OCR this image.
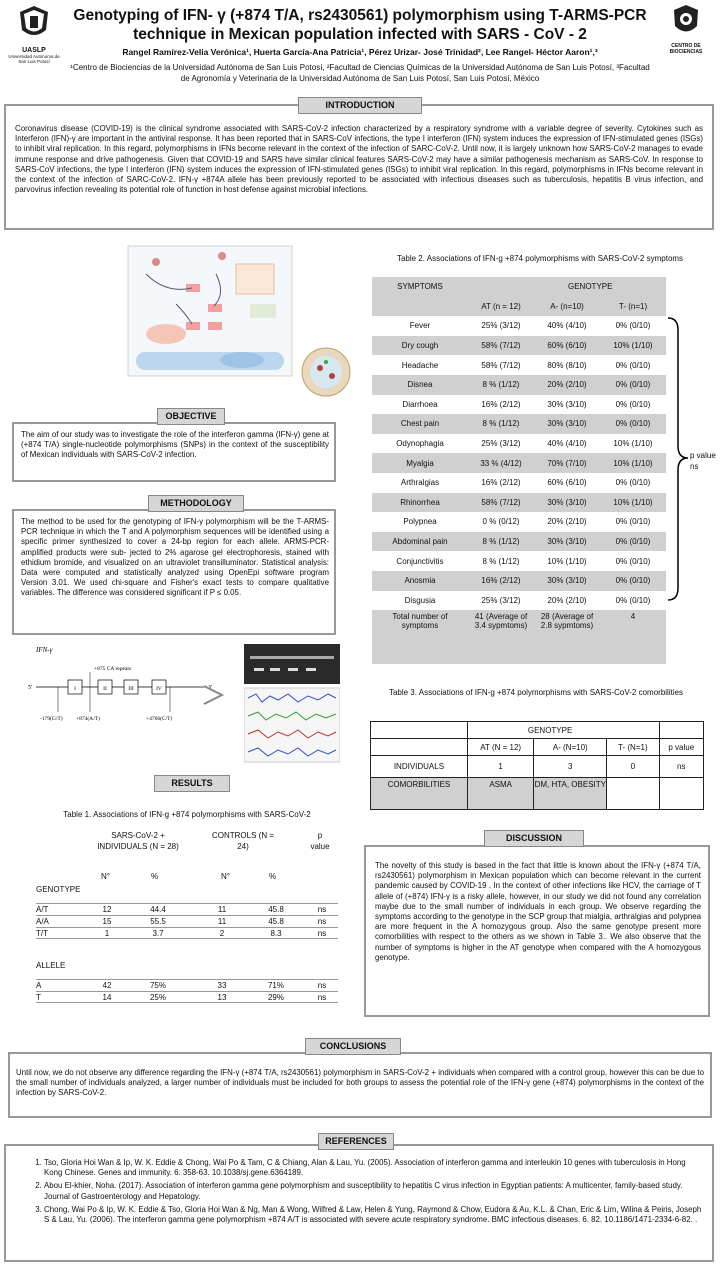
UASLP
Universidad Autónoma de San Luis Potosí
Genotyping of IFN- γ (+874 T/A, rs2430561) polymorphism using T-ARMS-PCR
technique in Mexican population infected with SARS - CoV - 2
Rangel Ramírez-Velia Verónica¹, Huerta García-Ana Patricia¹, Pérez Urizar- José Trinidad², Lee Rangel- Héctor Aaron¹,³
¹Centro de Biociencias de la Universidad Autónoma de San Luis Potosí, ²Facultad de Ciencias Químicas de la Universidad Autónoma de San Luis Potosí, ³Facultad de Agronomía y Veterinaria de la Universidad Autónoma de San Luis Potosí, San Luis Potosí, México
CENTRO DE BIOCIENCIAS
Coronavirus disease (COVID-19) is the clinical syndrome associated with SARS-CoV-2 infection characterized by a respiratory syndrome with a variable degree of severity. Cytokines such as Interferon (IFN)-γ are important in the antiviral response. It has been reported that in SARS-CoV infections, the type I interferon (IFN) system induces the expression of IFN-stimulated genes (ISGs) to inhibit viral replication. In this regard, polymorphisms in IFNs become relevant in the context of the infection of SARC-CoV-2. Until now, it is largely unknown how SARS-CoV-2 manages to evade immune response and drive pathogenesis. Given that COVID-19 and SARS have similar clinical features SARS-CoV-2 may have a similar pathogenesis mechanism as SARS-CoV. In response to SARS-CoV infections, the type I interferon (IFN) system induces the expression of IFN-stimulated genes (ISGs) to inhibit viral replication. In this regard, polymorphisms in IFNs become relevant in the context of the infection of SARC-CoV-2. IFN-γ +874A allele has been previously reported to be associated with infectious diseases such as tuberculosis, hepatitis B virus infection, and parvovirus infection revealing its potential role of function in host defense against microbial infections.
INTRODUCTION
The aim of our study was to investigate the role of the interferon gamma (IFN-γ) gene at (+874 T/A) single-nucleotide polymorphisms (SNPs) in the context of the susceptibility of Mexican individuals with SARS-CoV-2 infection.
OBJECTIVE
The method to be used for the genotyping of IFN-γ polymorphism will be the T-ARMS-PCR technique in which the T and A polymorphism sequences will be identified using a specific primer synthesized to cover a 24-bp region for each allele. ARMS-PCR-amplified products were sub- jected to 2% agarose gel electrophoresis, stained with ethidium bromide, and visualized on an ultraviolet transilluminator. Statistical analysis: Data were computed and statistically analyzed using OpenEpi software program Version 3.01. We used chi-square and Fisher's exact tests to compare qualitative variables. The difference was considered significant if P ≤ 0.05.
METHODOLOGY
IFN-γ
+875 CA repeats
5'	I	II	III	IV	3'
-179(G/T) +874(A/T)	+4766(C/T)
RESULTS
Table 1. Associations of IFN-g +874 polymorphisms with SARS-CoV-2
SARS-CoV-2 + INDIVIDUALS (N = 28)
CONTROLS (N = 24)
p value
N°	%	N°	%
GENOTYPE
A/T	12	44.4	11	45.8	ns
A/A	15	55.5	11	45.8	ns
T/T	1	3.7	2	8.3	ns
ALLELE
A	42	75%	33	71%	ns
T	14	25%	13	29%	ns
Table 2. Associations of IFN-g +874 polymorphisms with SARS-CoV-2 symptoms
SYMPTOMS	GENOTYPE		
	AT (n = 12)	A- (n=10)	T- (n=1)
Fever	25% (3/12)	40% (4/10)	0% (0/10)
Dry cough	58% (7/12)	60% (6/10)	10% (1/10)
Headache	58% (7/12)	80% (8/10)	0% (0/10)
Disnea	8 % (1/12)	20% (2/10)	0% (0/10)
Diarrhoea	16% (2/12)	30% (3/10)	0% (0/10)
Chest pain	8 % (1/12)	30% (3/10)	0% (0/10)
Odynophagia	25% (3/12)	40% (4/10)	10% (1/10)
Myalgia	33 % (4/12)	70% (7/10)	10% (1/10)
Arthralgias	16% (2/12)	60% (6/10)	0% (0/10)
Rhinorrhea	58% (7/12)	30% (3/10)	10% (1/10)
Polypnea	0 % (0/12)	20% (2/10)	0% (0/10)
Abdominal pain	8 % (1/12)	30% (3/10)	0% (0/10)
Conjunctivitis	8 % (1/12)	10% (1/10)	0% (0/10)
Anosmia	16% (2/12)	30% (3/10)	0% (0/10)
Disgusia	25% (3/12)	20% (2/10)	0% (0/10)
Total number of symptoms	41 (Average of 3.4 sypmtoms)	28 (Average of 2.8 sypmtoms)	4
p value ns
Table 3. Associations of IFN-g +874 polymorphisms with SARS-CoV-2 comorbilities
	GENOTYPE			
	AT (N = 12)	A- (N=10)	T- (N=1)	p value
INDIVIDUALS	1	3	0	ns
COMORBILITIES	ASMA	DM, HTA, OBESITY		
The novelty of this study is based in the fact that little is known about the IFN-γ (+874 T/A, rs2430561) polymorphism in Mexican population which can become relevant in the current pandemic caused by COVID-19 . In the context of other infections like HCV, the carriage of T allele of (+874) IFN-γ is a risky allele, however, in our study we did not found any correlation maybe due to the small number of individuals in each group. We observe regarding the symptoms according to the genotype in the SCP group that mialgia, arthralgias and polypnea are more frequent in the A homozygous group. Also the same genotype present more comorbilities with respect to the others as we shown in Table 3.. We also observe that the number of symptoms is higher in the AT genotype when compared with the A homozygous genotype.
DISCUSSION
Until now, we do not observe any difference regarding the IFN-γ (+874 T/A, rs2430561) polymorphism in SARS-CoV-2 + individuals when compared with a control group, however this can be due to the small number of individuals analyzed, a larger number of individuals must be included for both groups to assess the potential role of the IFN-γ gene (+874) polymorphisms in the context of the infection by SARS-CoV-2.
CONCLUSIONS
1. Tso, Gloria Hoi Wan & Ip, W. K. Eddie & Chong, Wai Po & Tam, C & Chiang, Alan & Lau, Yu. (2005). Association of interferon gamma and interleukin 10 genes with tuberculosis in Hong Kong Chinese. Genes and immunity. 6. 358-63. 10.1038/sj.gene.6364189.
2. Abou El-khier, Noha. (2017). Association of interferon gamma gene polymorphism and susceptibility to hepatitis C virus infection in Egyptian patients: A multicenter, family-based study. Journal of Gastroenterology and Hepatology.
3. Chong, Wai Po & Ip, W. K. Eddie & Tso, Gloria Hoi Wan & Ng, Man & Wong, Wilfred & Law, Helen & Yung, Raymond & Chow, Eudora & Au, K.L. & Chan, Eric & Lim, Wilina & Peiris, Joseph S & Lau, Yu. (2006). The interferon gamma gene polymorphism +874 A/T is associated with severe acute respiratory syndrome. BMC infectious diseases. 6. 82. 10.1186/1471-2334-6-82. .
REFERENCES
